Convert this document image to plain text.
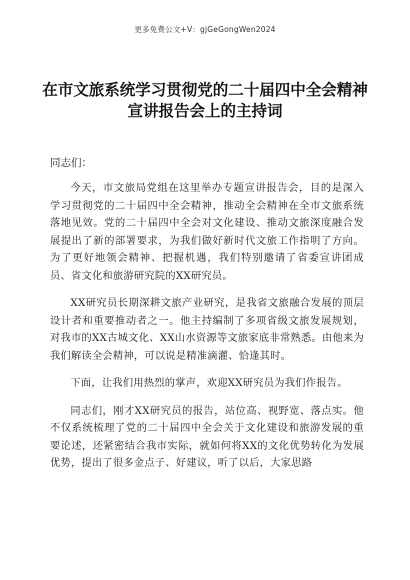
更多免费公文+V：gjGeGongWen2024
在市文旅系统学习贯彻党的二十届四中全会精神宣讲报告会上的主持词
同志们：

今天，市文旅局党组在这里举办专题宣讲报告会，目的是深入学习贯彻党的二十届四中全会精神，推动全会精神在全市文旅系统落地见效。党的二十届四中全会对文化建设、推动文旅深度融合发展提出了新的部署要求，为我们做好新时代文旅工作指明了方向。为了更好地领会精神、把握机遇，我们特别邀请了省委宣讲团成员、省文化和旅游研究院的XX研究员。

XX研究员长期深耕文旅产业研究，是我省文旅融合发展的顶层设计者和重要推动者之一。他主持编制了多项省级文旅发展规划，对我市的XX古城文化、XX山水资源等文旅家底非常熟悉。由他来为我们解读全会精神，可以说是精准滴灌、恰逢其时。

下面，让我们用热烈的掌声，欢迎XX研究员为我们作报告。

同志们，刚才XX研究员的报告，站位高、视野宽、落点实。他不仅系统梳理了党的二十届四中全会关于文化建设和旅游发展的重要论述，还紧密结合我市实际，就如何将XX的文化优势转化为发展优势，提出了很多金点子、好建议，听了以后，大家思路
